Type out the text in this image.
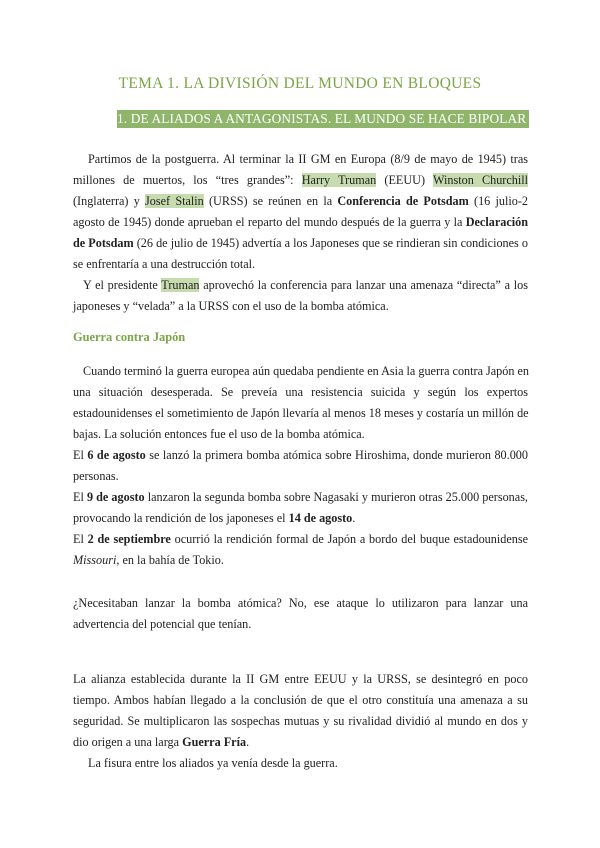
TEMA 1. LA DIVISIÓN DEL MUNDO EN BLOQUES
1. DE ALIADOS A ANTAGONISTAS. EL MUNDO SE HACE BIPOLAR
Partimos de la postguerra. Al terminar la II GM en Europa (8/9 de mayo de 1945) tras
millones de muertos, los “tres grandes”: Harry Truman (EEUU) Winston Churchill
(Inglaterra) y Josef Stalin (URSS) se reúnen en la Conferencia de Potsdam (16 julio-2
agosto de 1945) donde aprueban el reparto del mundo después de la guerra y la Declaración
de Potsdam (26 de julio de 1945) advertía a los Japoneses que se rindieran sin condiciones o
se enfrentaría a una destrucción total.
Y el presidente Truman aprovechó la conferencia para lanzar una amenaza “directa” a los
japoneses y “velada” a la URSS con el uso de la bomba atómica.
Guerra contra Japón
Cuando terminó la guerra europea aún quedaba pendiente en Asia la guerra contra Japón en
una situación desesperada. Se preveía una resistencia suicida y según los expertos
estadounidenses el sometimiento de Japón llevaría al menos 18 meses y costaría un millón de
bajas. La solución entonces fue el uso de la bomba atómica.
El 6 de agosto se lanzó la primera bomba atómica sobre Hiroshima, donde murieron 80.000
personas.
El 9 de agosto lanzaron la segunda bomba sobre Nagasaki y murieron otras 25.000 personas,
provocando la rendición de los japoneses el 14 de agosto.
El 2 de septiembre ocurrió la rendición formal de Japón a bordo del buque estadounidense
Missouri, en la bahía de Tokio.
¿Necesitaban lanzar la bomba atómica? No, ese ataque lo utilizaron para lanzar una
advertencia del potencial que tenían.
La alianza establecida durante la II GM entre EEUU y la URSS, se desintegró en poco
tiempo. Ambos habían llegado a la conclusión de que el otro constituía una amenaza a su
seguridad. Se multiplicaron las sospechas mutuas y su rivalidad dividió al mundo en dos y
dio origen a una larga Guerra Fría.
La fisura entre los aliados ya venía desde la guerra.
